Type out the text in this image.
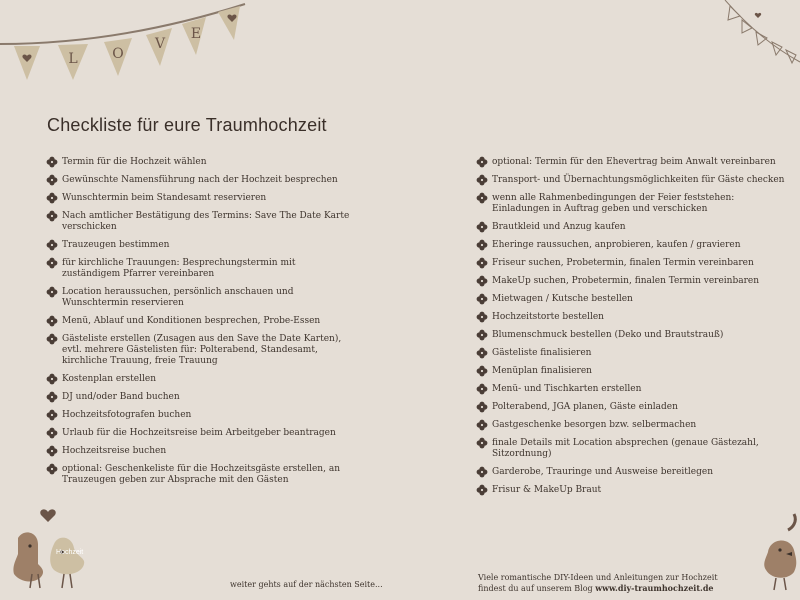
L O
V
E
Checkliste für eure Traumhochzeit
Termin für die Hochzeit wählen
Gewünschte Namensführung nach der Hochzeit besprechen
Wunschtermin beim Standesamt reservieren
Nach amtlicher Bestätigung des Termins: Save The Date Karte verschicken
Trauzeugen bestimmen
für kirchliche Trauungen: Besprechungstermin mit zuständigem Pfarrer vereinbaren
Location heraussuchen, persönlich anschauen und Wunschtermin reservieren
Menü, Ablauf und Konditionen besprechen, Probe-Essen
Gästeliste erstellen (Zusagen aus den Save the Date Karten), evtl. mehrere Gästelisten für: Polterabend, Standesamt, kirchliche Trauung, freie Trauung
Kostenplan erstellen
DJ und/oder Band buchen
Hochzeitsfotografen buchen
Urlaub für die Hochzeitsreise beim Arbeitgeber beantragen
Hochzeitsreise buchen
optional: Geschenkeliste für die Hochzeitsgäste erstellen, an Trauzeugen geben zur Absprache mit den Gästen
optional: Termin für den Ehevertrag beim Anwalt vereinbaren
Transport- und Übernachtungsmöglichkeiten für Gäste checken
wenn alle Rahmenbedingungen der Feier feststehen: Einladungen in Auftrag geben und verschicken
Brautkleid und Anzug kaufen
Eheringe raussuchen, anprobieren, kaufen / gravieren
Friseur suchen, Probetermin, finalen Termin vereinbaren
MakeUp suchen, Probetermin, finalen Termin vereinbaren
Mietwagen / Kutsche bestellen
Hochzeitstorte bestellen
Blumenschmuck bestellen (Deko und Brautstrauß)
Gästeliste finalisieren
Menüplan finalisieren
Menü- und Tischkarten erstellen
Polterabend, JGA planen, Gäste einladen
Gastgeschenke besorgen bzw. selbermachen
finale Details mit Location absprechen (genaue Gästezahl, Sitzordnung)
Garderobe, Trauringe und Ausweise bereitlegen
Frisur & MakeUp Braut
Hochzeit
weiter gehts auf der nächsten Seite...
Viele romantische DIY-Ideen und Anleitungen zur Hochzeit
findest du auf unserem Blog www.diy-traumhochzeit.de
